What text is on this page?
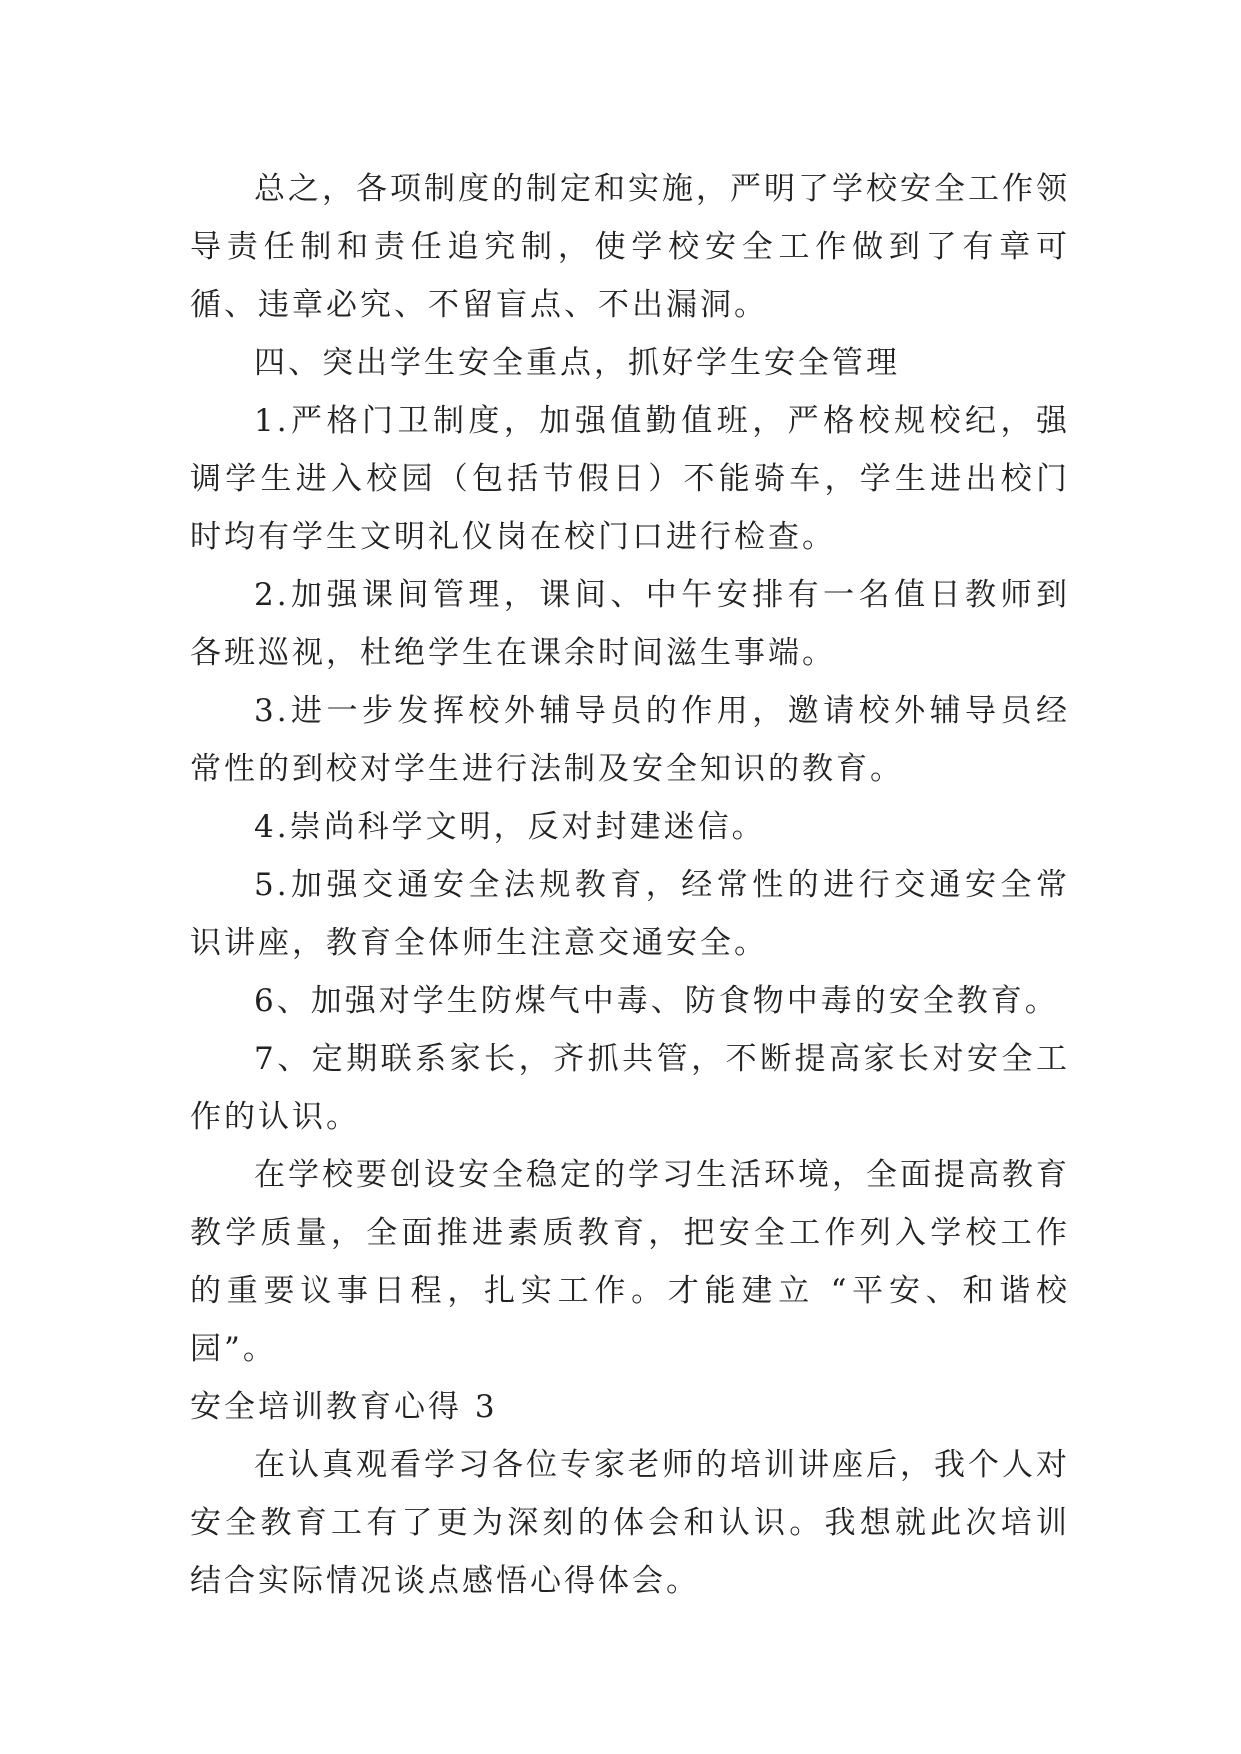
总之，各项制度的制定和实施，严明了学校安全工作领导责任制和责任追究制，使学校安全工作做到了有章可循、违章必究、不留盲点、不出漏洞。

四、突出学生安全重点，抓好学生安全管理

1.严格门卫制度，加强值勤值班，严格校规校纪，强调学生进入校园（包括节假日）不能骑车，学生进出校门时均有学生文明礼仪岗在校门口进行检查。

2.加强课间管理，课间、中午安排有一名值日教师到各班巡视，杜绝学生在课余时间滋生事端。

3.进一步发挥校外辅导员的作用，邀请校外辅导员经常性的到校对学生进行法制及安全知识的教育。

4.崇尚科学文明，反对封建迷信。

5.加强交通安全法规教育，经常性的进行交通安全常识讲座，教育全体师生注意交通安全。

6、加强对学生防煤气中毒、防食物中毒的安全教育。

7、定期联系家长，齐抓共管，不断提高家长对安全工作的认识。

在学校要创设安全稳定的学习生活环境，全面提高教育教学质量，全面推进素质教育，把安全工作列入学校工作的重要议事日程，扎实工作。才能建立 “平安、和谐校园”。

安全培训教育心得 3

在认真观看学习各位专家老师的培训讲座后，我个人对安全教育工有了更为深刻的体会和认识。我想就此次培训结合实际情况谈点感悟心得体会。
